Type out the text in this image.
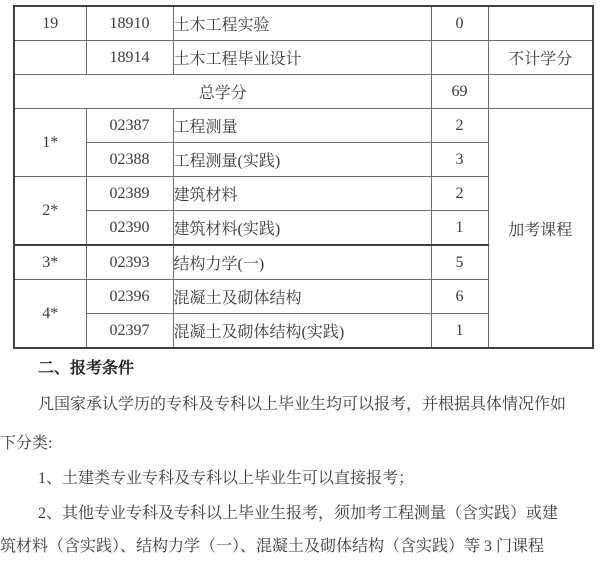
19	18910	土木工程实验	0	
	18914	土木工程毕业设计		不计学分
总学分			69	
1*	02387	工程测量	2	加考课程
	02388	工程测量(实践)	3	
2*	02389	建筑材料	2	
	02390	建筑材料(实践)	1	
3*	02393	结构力学(一)	5	
4*	02396	混凝土及砌体结构	6	
	02397	混凝土及砌体结构(实践)	1	
二、报考条件
凡国家承认学历的专科及专科以上毕业生均可以报考，并根据具体情况作如
下分类:
1、土建类专业专科及专科以上毕业生可以直接报考；
2、其他专业专科及专科以上毕业生报考，须加考工程测量（含实践）或建
筑材料（含实践）、结构力学（一）、混凝土及砌体结构（含实践）等 3 门课程
